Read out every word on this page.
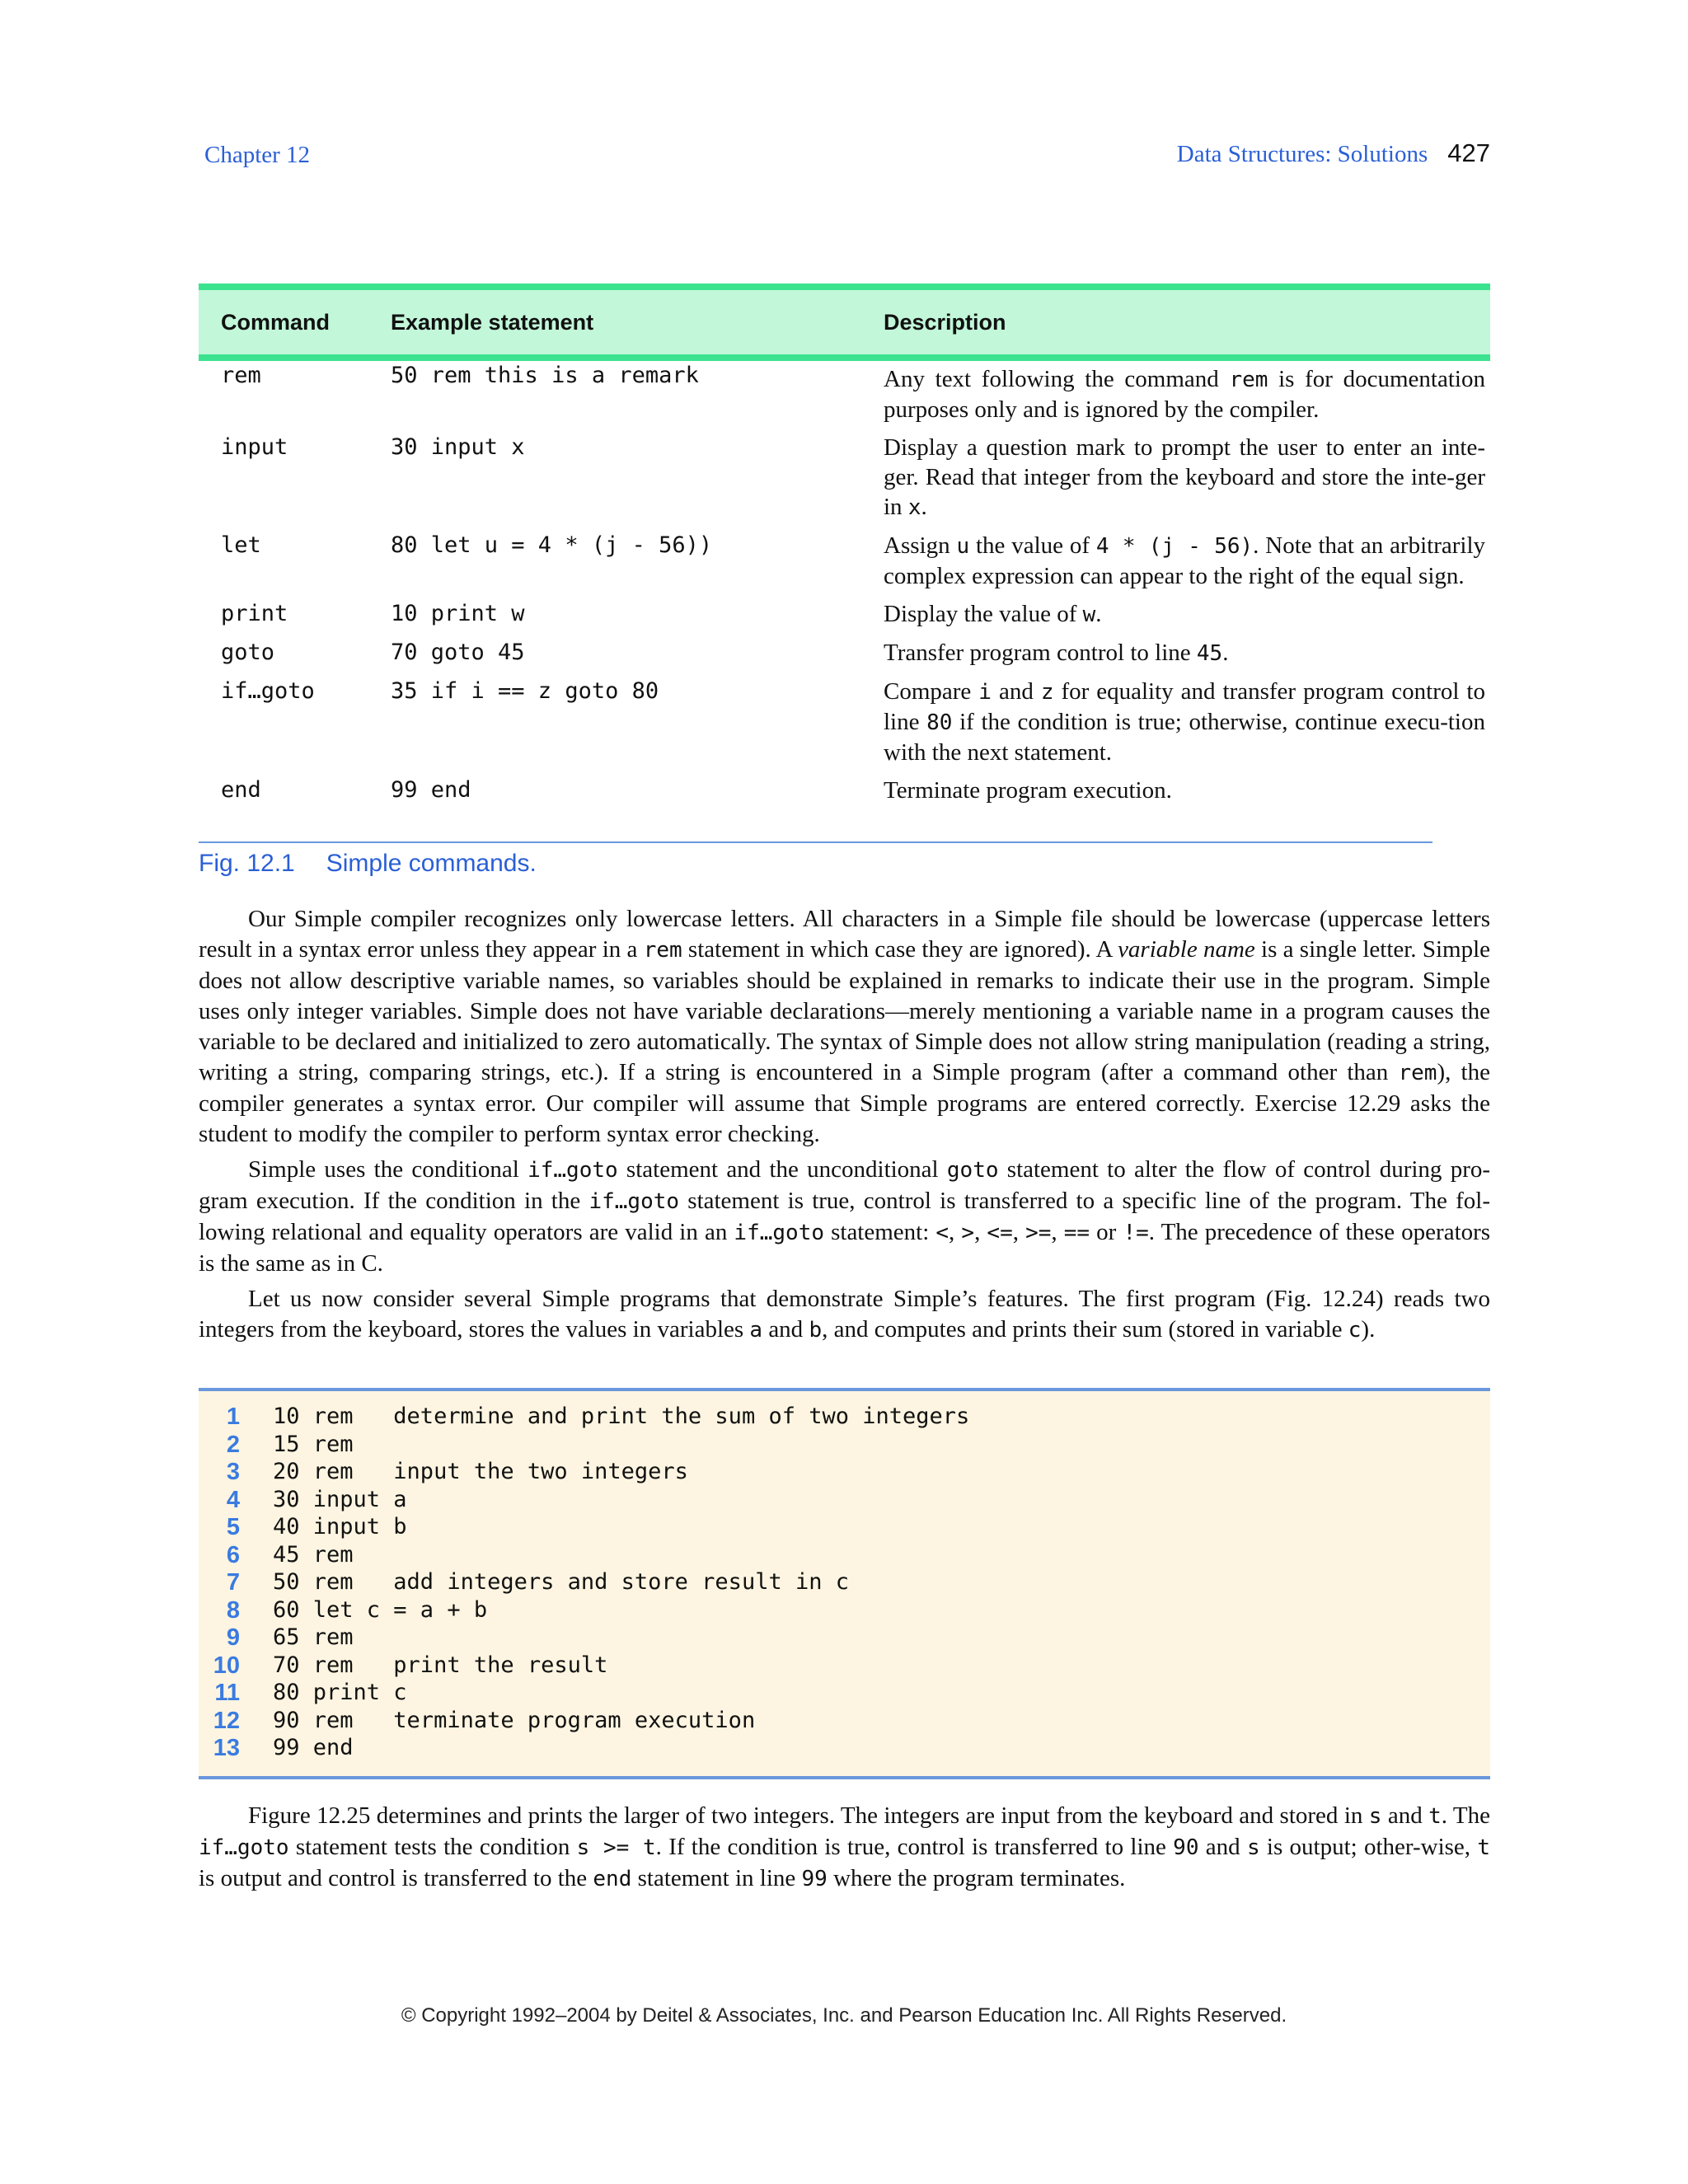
Chapter 12	Data Structures: Solutions 427
Command	Example statement	Description
rem	50 rem this is a remark	Any text following the command rem is for documentation purposes only and is ignored by the compiler.
input	30 input x	Display a question mark to prompt the user to enter an inte-ger. Read that integer from the keyboard and store the inte-ger in x.
let	80 let u = 4 * (j - 56))	Assign u the value of 4 * (j - 56). Note that an arbitrarily complex expression can appear to the right of the equal sign.
print	10 print w	Display the value of w.
goto	70 goto 45	Transfer program control to line 45.
if…goto	35 if i == z goto 80	Compare i and z for equality and transfer program control to line 80 if the condition is true; otherwise, continue execu-tion with the next statement.
end	99 end	Terminate program execution.
Fig. 12.1 Simple commands.
Our Simple compiler recognizes only lowercase letters. All characters in a Simple file should be lowercase (uppercase letters result in a syntax error unless they appear in a rem statement in which case they are ignored). A variable name is a single letter. Simple does not allow descriptive variable names, so variables should be explained in remarks to indicate their use in the program. Simple uses only integer variables. Simple does not have variable declarations—merely mentioning a variable name in a program causes the variable to be declared and initialized to zero automatically. The syntax of Simple does not allow string manipulation (reading a string, writing a string, comparing strings, etc.). If a string is encountered in a Simple program (after a command other than rem), the compiler generates a syntax error. Our compiler will assume that Simple programs are entered correctly. Exercise 12.29 asks the student to modify the compiler to perform syntax error checking.
Simple uses the conditional if…goto statement and the unconditional goto statement to alter the flow of control during pro-gram execution. If the condition in the if…goto statement is true, control is transferred to a specific line of the program. The fol-lowing relational and equality operators are valid in an if…goto statement: <, >, <=, >=, == or !=. The precedence of these operators is the same as in C.
Let us now consider several Simple programs that demonstrate Simple’s features. The first program (Fig. 12.24) reads two integers from the keyboard, stores the values in variables a and b, and computes and prints their sum (stored in variable c).
1 10 rem   determine and print the sum of two integers
2 15 rem
3 20 rem   input the two integers
4 30 input a
5 40 input b
6 45 rem
7 50 rem   add integers and store result in c
8 60 let c = a + b
9 65 rem
10 70 rem   print the result
11 80 print c
12 90 rem   terminate program execution
13 99 end
Figure 12.25 determines and prints the larger of two integers. The integers are input from the keyboard and stored in s and t. The if…goto statement tests the condition s >= t. If the condition is true, control is transferred to line 90 and s is output; other-wise, t is output and control is transferred to the end statement in line 99 where the program terminates.
© Copyright 1992–2004 by Deitel & Associates, Inc. and Pearson Education Inc. All Rights Reserved.
